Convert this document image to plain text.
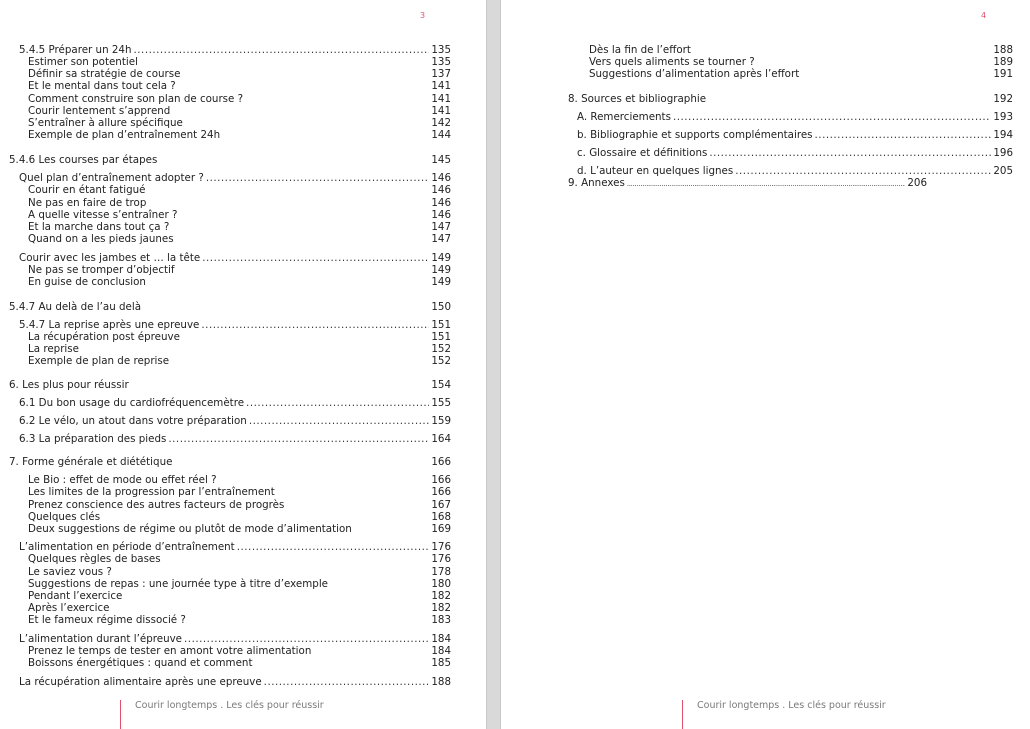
3
5.4.5 Préparer un 24h .....	135
Estimer son potentiel	135
Définir sa stratégie de course	137
Et le mental dans tout cela ?	141
Comment construire son plan de course ?	141
Courir lentement s’apprend	141
S’entraîner à allure spécifique	142
Exemple de plan d’entraînement 24h	144
5.4.6 Les courses par étapes	145
Quel plan d’entraînement adopter ? .....	146
Courir en étant fatigué	146
Ne pas en faire de trop	146
A quelle vitesse s’entraîner ?	146
Et la marche dans tout ça ?	147
Quand on a les pieds jaunes	147
Courir avec les jambes et … la tête .....	149
Ne pas se tromper d’objectif	149
En guise de conclusion	149
5.4.7 Au delà de l’au delà	150
5.4.7 La reprise après une epreuve .....	151
La récupération post épreuve	151
La reprise	152
Exemple de plan de reprise	152
6. Les plus pour réussir	154
6.1 Du bon usage du cardiofréquencemètre .....	155
6.2 Le vélo, un atout dans votre préparation .....	159
6.3 La préparation des pieds .....	164
7. Forme générale et diététique	166
Le Bio : effet de mode ou effet réel ?	166
Les limites de la progression par l’entraînement	166
Prenez conscience des autres facteurs de progrès	167
Quelques clés	168
Deux suggestions de régime ou plutôt de mode d’alimentation	169
L’alimentation en période d’entraînement .....	176
Quelques règles de bases	176
Le saviez vous ?	178
Suggestions de repas : une journée type à titre d’exemple	180
Pendant l’exercice	182
Après l’exercice	182
Et le fameux régime dissocié ?	183
L’alimentation durant l’épreuve .....	184
Prenez le temps de tester en amont votre alimentation	184
Boissons énergétiques : quand et comment	185
La récupération alimentaire après une epreuve .....	188
Courir longtemps . Les clés pour réussir
4
Dès la fin de l’effort	188
Vers quels aliments se tourner ?	189
Suggestions d’alimentation après l’effort	191
8. Sources et bibliographie	192
A. Remerciements .....	193
b. Bibliographie et supports complémentaires .....	194
c. Glossaire et définitions .....	196
d. L’auteur en quelques lignes .....	205
9. Annexes .....	206
Courir longtemps . Les clés pour réussir
